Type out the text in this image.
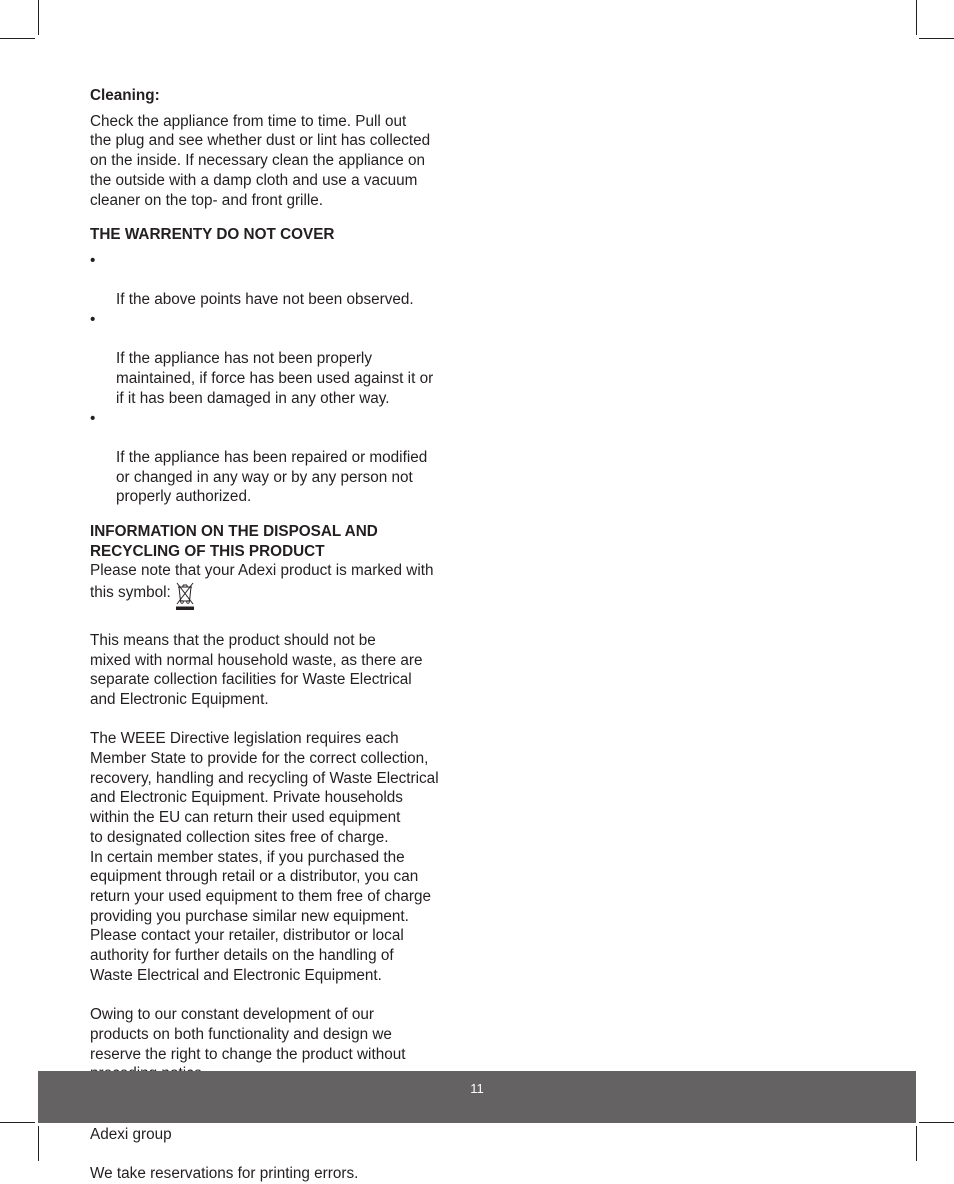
Cleaning:

Check the appliance from time to time. Pull out
the plug and see whether dust or lint has collected
on the inside. If necessary clean the appliance on
the outside with a damp cloth and use a vacuum
cleaner on the top- and front grille.

THE WARRENTY DO NOT COVER

•

If the above points have not been observed.

•

If the appliance has not been properly
maintained, if force has been used against it or
if it has been damaged in any other way.

•

If the appliance has been repaired or modified
or changed in any way or by any person not
properly authorized.

INFORMATION ON THE DISPOSAL AND
RECYCLING OF THIS PRODUCT

Please note that your Adexi product is marked with
this symbol:

This means that the product should not be
mixed with normal household waste, as there are
separate collection facilities for Waste Electrical
and Electronic Equipment.

The WEEE Directive legislation requires each
Member State to provide for the correct collection,
recovery, handling and recycling of Waste Electrical
and Electronic Equipment. Private households
within the EU can return their used equipment
to designated collection sites free of charge.
In certain member states, if you purchased the
equipment through retail or a distributor, you can
return your used equipment to them free of charge
providing you purchase similar new equipment.
Please contact your retailer, distributor or local
authority for further details on the handling of
Waste Electrical and Electronic Equipment.

Owing to our constant development of our
products on both functionality and design we
reserve the right to change the product without

Adexi group

We take reservations for printing errors.

11
